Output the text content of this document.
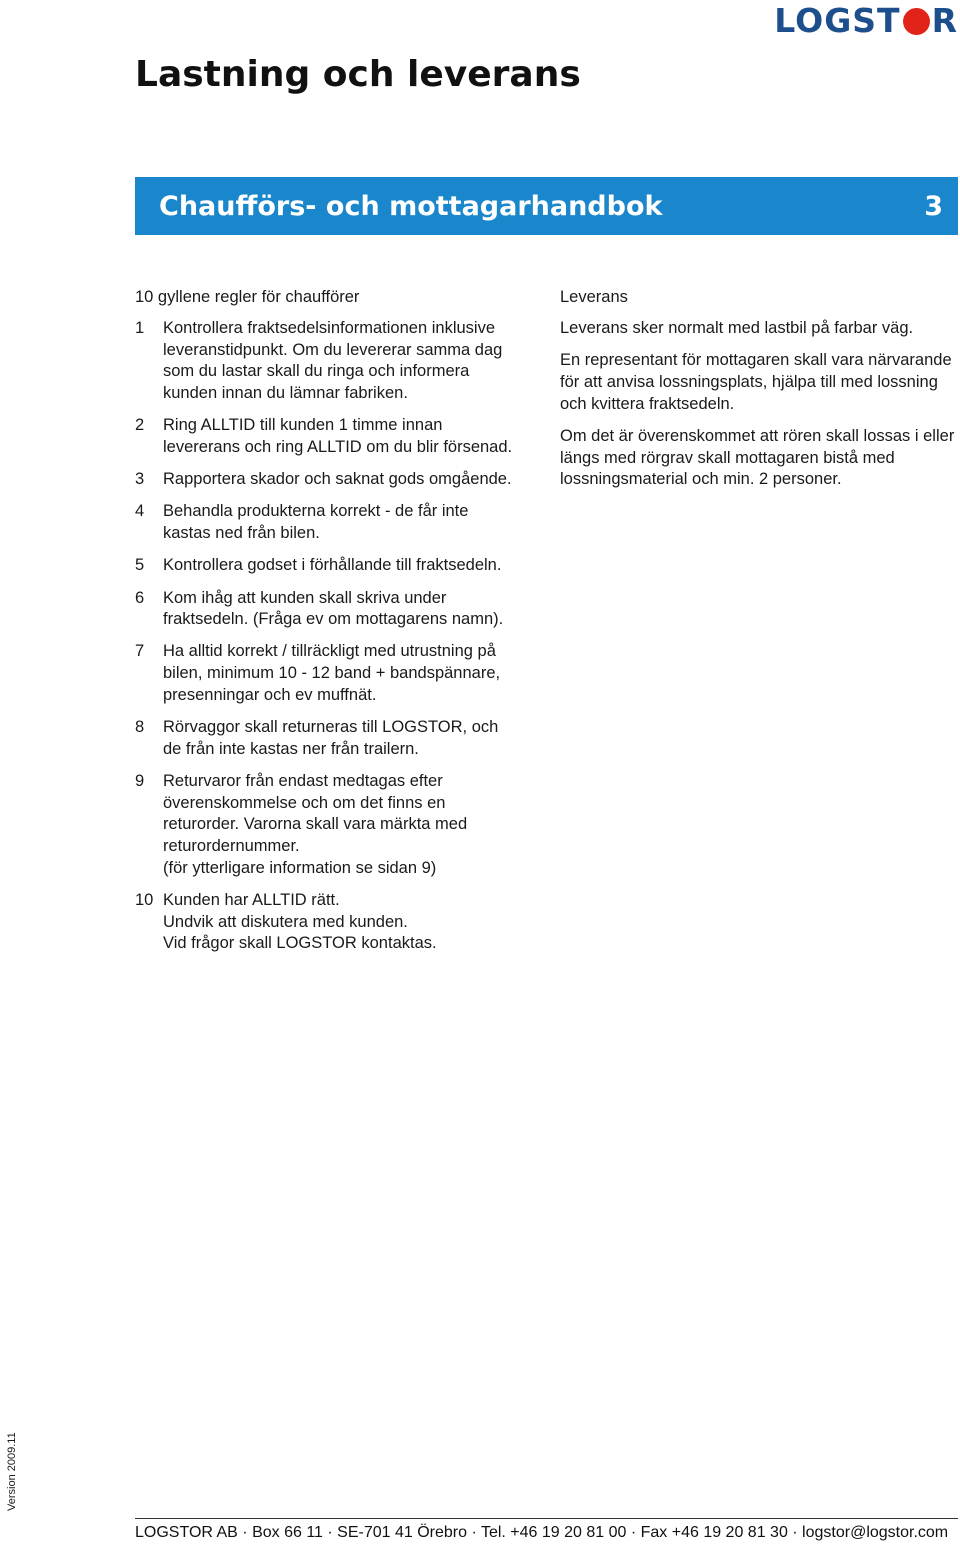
LOGST R
Lastning och leverans
Chaufförs- och mottagarhandbok	3
10 gyllene regler för chaufförer
1	Kontrollera fraktsedelsinformationen inklusive
leveranstidpunkt. Om du levererar samma dag
som du lastar skall du ringa och informera
kunden innan du lämnar fabriken.
2	Ring ALLTID till kunden 1 timme innan
levererans och ring ALLTID om du blir försenad.
3	Rapportera skador och saknat gods omgående.
4	Behandla produkterna korrekt - de får inte
kastas ned från bilen.
5	Kontrollera godset i förhållande till fraktsedeln.
6	Kom ihåg att kunden skall skriva under
fraktsedeln. (Fråga ev om mottagarens namn).
7	Ha alltid korrekt / tillräckligt med utrustning på
bilen, minimum 10 - 12 band + bandspännare,
presenningar och ev muffnät.
8	Rörvaggor skall returneras till LOGSTOR, och
de från inte kastas ner från trailern.
9	Returvaror från endast medtagas efter
överenskommelse och om det finns en
returorder. Varorna skall vara märkta med
returordernummer.
(för ytterligare information se sidan 9)
10 Kunden har ALLTID rätt.
Undvik att diskutera med kunden.
Vid frågor skall LOGSTOR kontaktas.
Leverans

Leverans sker normalt med lastbil på farbar väg.

En representant för mottagaren skall vara närvarande för att anvisa lossningsplats, hjälpa till med lossning och kvittera fraktsedeln.

Om det är överenskommet att rören skall lossas i eller längs med rörgrav skall mottagaren bistå med lossningsmaterial och min. 2 personer.

Version 2009.11
LOGSTOR AB · Box 66 11 · SE-701 41 Örebro · Tel. +46 19 20 81 00 · Fax +46 19 20 81 30 · logstor@logstor.com
